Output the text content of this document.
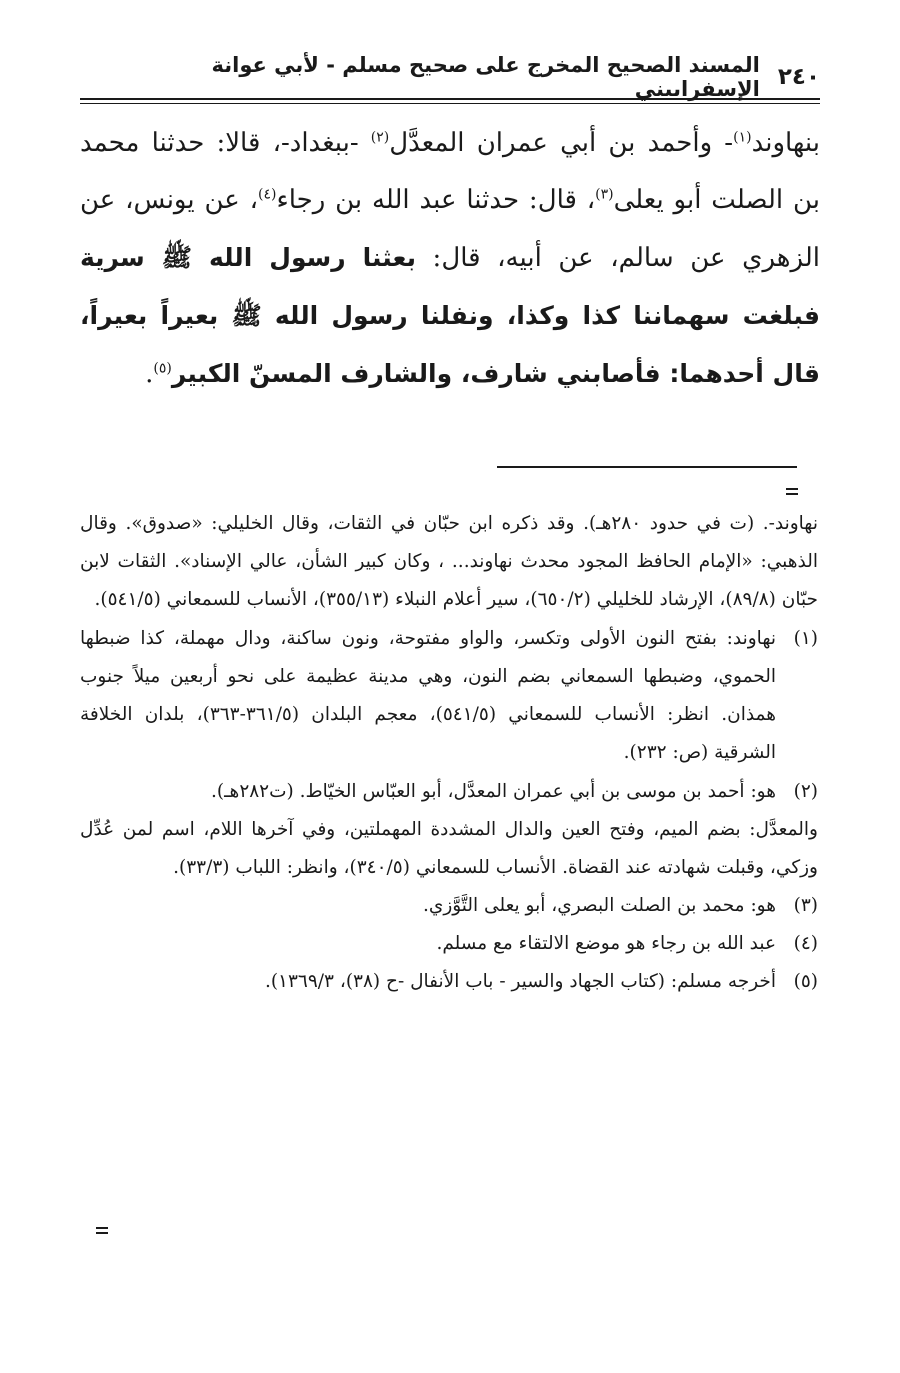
٢٤٠
المسند الصحيح المخرج على صحيح مسلم - لأبي عوانة الإسفراييني
بنهاوند$^{(١)}$- وأحمد بن أبي عمران المعدَّل$^{(٢)}$ -ببغداد-، قالا: حدثنا محمد بن الصلت أبو يعلى$^{(٣)}$، قال: حدثنا عبد الله بن رجاء$^{(٤)}$، عن يونس، عن الزهري عن سالم، عن أبيه، قال: بعثنا رسول الله ﷺ سرية فبلغت سهماننا كذا وكذا، ونفلنا رسول الله ﷺ بعيراً بعيراً، قال أحدهما: فأصابني شارف، والشارف المسنّ الكبير$^{(٥)}$.

نهاوند-. (ت في حدود ٢٨٠هـ). وقد ذكره ابن حبّان في الثقات، وقال الخليلي: «صدوق». وقال الذهبي: «الإمام الحافظ المجود محدث نهاوند... ، وكان كبير الشأن، عالي الإسناد». الثقات لابن حبّان (٨٩/٨)، الإرشاد للخليلي (٦٥٠/٢)، سير أعلام النبلاء (٣٥٥/١٣)، الأنساب للسمعاني (٥٤١/٥).

(١)
نهاوند: بفتح النون الأولى وتكسر، والواو مفتوحة، ونون ساكنة، ودال مهملة، كذا ضبطها الحموي، وضبطها السمعاني بضم النون، وهي مدينة عظيمة على نحو أربعين ميلاً جنوب همذان. انظر: الأنساب للسمعاني (٥٤١/٥)، معجم البلدان (٣٦١/٥-٣٦٣)، بلدان الخلافة الشرقية (ص: ٢٣٢).
(٢)
هو: أحمد بن موسى بن أبي عمران المعدَّل، أبو العبّاس الخيّاط. (ت٢٨٢هـ).

والمعدَّل: بضم الميم، وفتح العين والدال المشددة المهملتين، وفي آخرها اللام، اسم لمن عُدِّل وزكي، وقبلت شهادته عند القضاة. الأنساب للسمعاني (٣٤٠/٥)، وانظر: اللباب (٣٣/٣).

(٣)
هو: محمد بن الصلت البصري، أبو يعلى التَّوَّزي.
(٤)
عبد الله بن رجاء هو موضع الالتقاء مع مسلم.
(٥)
أخرجه مسلم: (كتاب الجهاد والسير - باب الأنفال -ح (٣٨)، ١٣٦٩/٣).
